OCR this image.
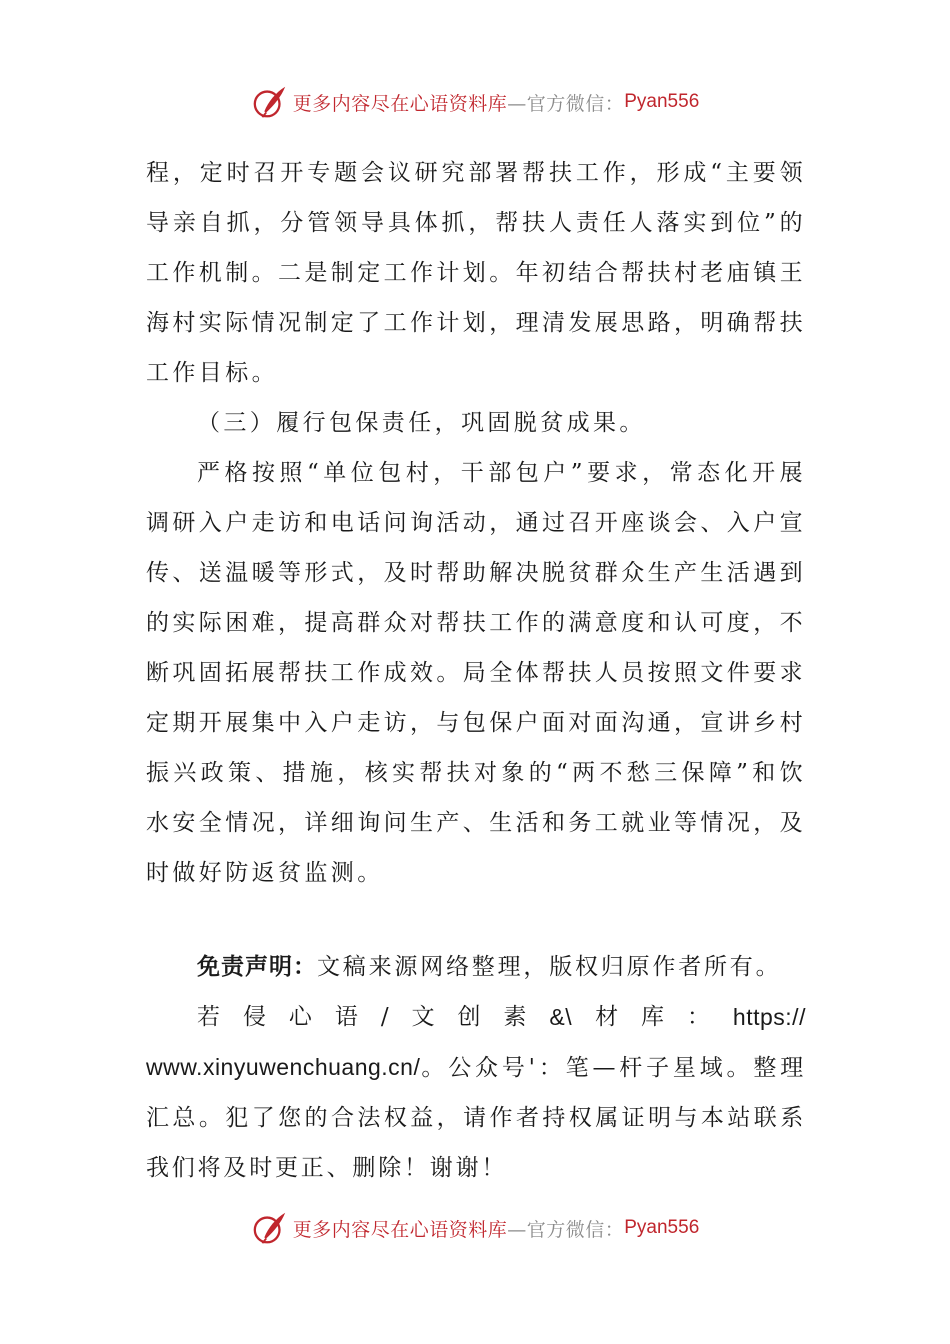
更多内容尽在心语资料库 —官方微信： Pyan556

程，定时召开专题会议研究部署帮扶工作，形成“主要领导亲自抓，分管领导具体抓，帮扶人责任人落实到位”的工作机制。二是制定工作计划。年初结合帮扶村老庙镇王海村实际情况制定了工作计划，理清发展思路，明确帮扶工作目标。

（三）履行包保责任，巩固脱贫成果。

严格按照“单位包村，干部包户”要求，常态化开展调研入户走访和电话问询活动，通过召开座谈会、入户宣传、送温暖等形式，及时帮助解决脱贫群众生产生活遇到的实际困难，提高群众对帮扶工作的满意度和认可度，不断巩固拓展帮扶工作成效。局全体帮扶人员按照文件要求定期开展集中入户走访，与包保户面对面沟通，宣讲乡村振兴政策、措施，核实帮扶对象的“两不愁三保障”和饮水安全情况，详细询问生产、生活和务工就业等情况，及时做好防返贫监测。

免责声明：文稿来源网络整理，版权归原作者所有。

若 侵 心 语 / 文 创 素 &\ 材 库 ： https://

www.xinyuwenchuang.cn/。公众号'：笔—杆子星域。整理汇总。犯了您的合法权益，请作者持权属证明与本站联系我们将及时更正、删除！谢谢！

更多内容尽在心语资料库 —官方微信： Pyan556
